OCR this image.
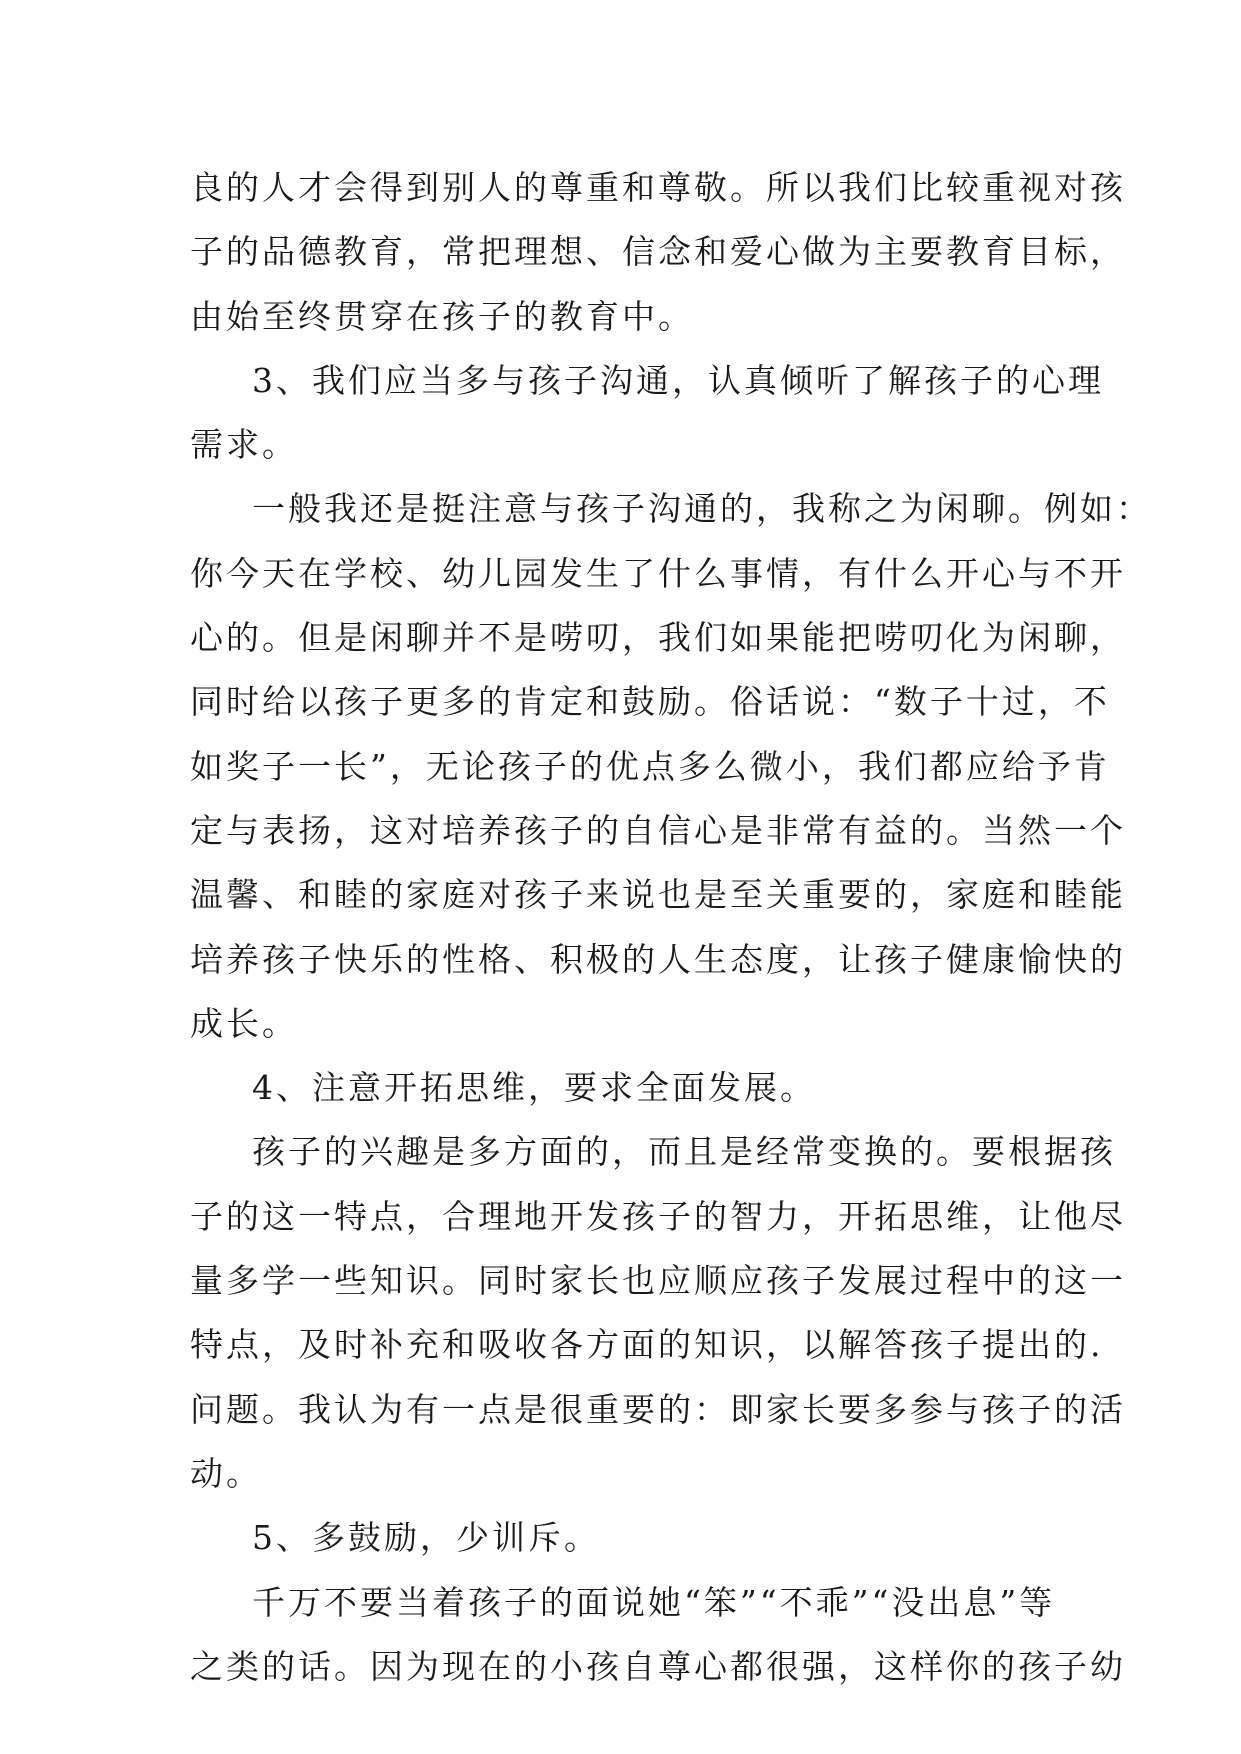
良的人才会得到别人的尊重和尊敬。所以我们比较重视对孩
子的品德教育，常把理想、信念和爱心做为主要教育目标，
由始至终贯穿在孩子的教育中。
3、我们应当多与孩子沟通，认真倾听了解孩子的心理
需求。
一般我还是挺注意与孩子沟通的，我称之为闲聊。例如：
你今天在学校、幼儿园发生了什么事情，有什么开心与不开
心的。但是闲聊并不是唠叨，我们如果能把唠叨化为闲聊，
同时给以孩子更多的肯定和鼓励。俗话说：“数子十过，不
如奖子一长”，无论孩子的优点多么微小，我们都应给予肯
定与表扬，这对培养孩子的自信心是非常有益的。当然一个
温馨、和睦的家庭对孩子来说也是至关重要的，家庭和睦能
培养孩子快乐的性格、积极的人生态度，让孩子健康愉快的
成长。
4、注意开拓思维，要求全面发展。
孩子的兴趣是多方面的，而且是经常变换的。要根据孩
子的这一特点，合理地开发孩子的智力，开拓思维，让他尽
量多学一些知识。同时家长也应顺应孩子发展过程中的这一
特点，及时补充和吸收各方面的知识，以解答孩子提出的.
问题。我认为有一点是很重要的：即家长要多参与孩子的活
动。
5、多鼓励，少训斥。
千万不要当着孩子的面说她“笨”“不乖”“没出息”等
之类的话。因为现在的小孩自尊心都很强，这样你的孩子幼
